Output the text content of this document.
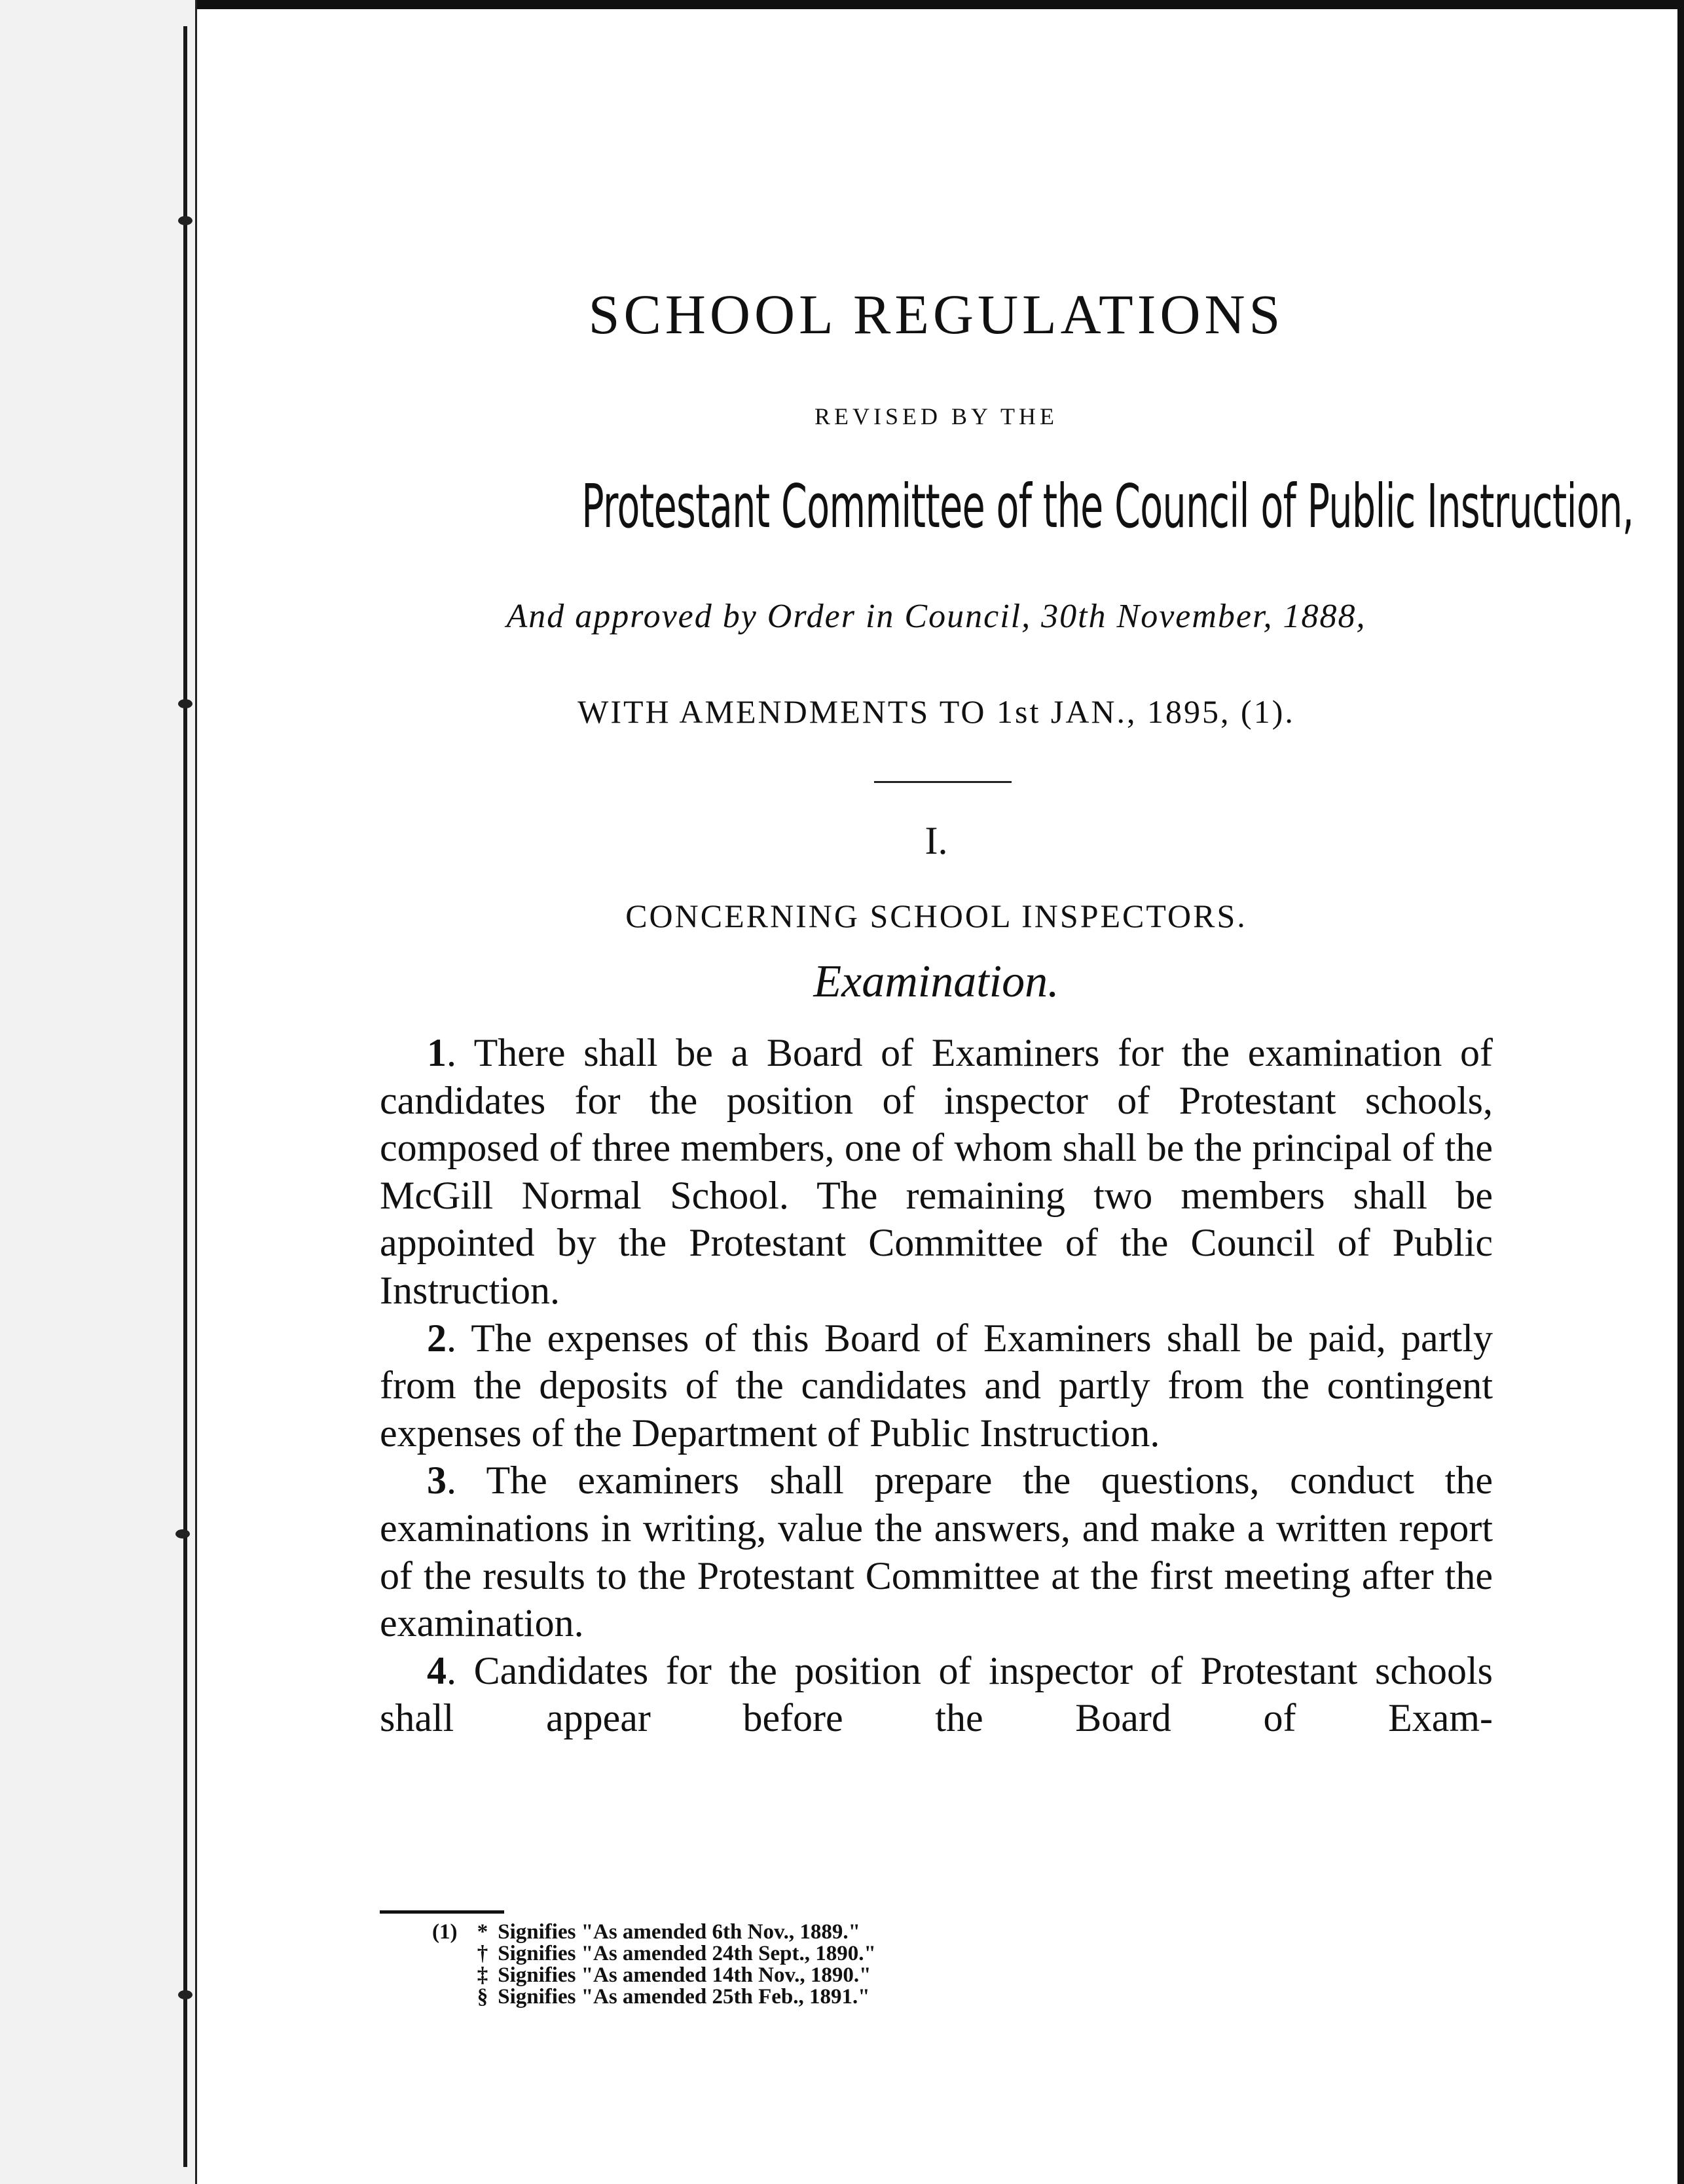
SCHOOL REGULATIONS
REVISED BY THE
Protestant Committee of the Council of Public Instruction,
And approved by Order in Council, 30th November, 1888,
WITH AMENDMENTS TO 1st JAN., 1895, (1).
I.
CONCERNING SCHOOL INSPECTORS.
Examination.

1. There shall be a Board of Examiners for the examination of candidates for the position of inspector of Protestant schools, composed of three members, one of whom shall be the principal of the McGill Normal School. The remaining two members shall be appointed by the Protestant Committee of the Council of Public Instruction.

2. The expenses of this Board of Examiners shall be paid, partly from the deposits of the candidates and partly from the contingent expenses of the Department of Public Instruction.

3. The examiners shall prepare the questions, conduct the examinations in writing, value the answers, and make a written report of the results to the Protestant Committee at the first meeting after the examination.

4. Candidates for the position of inspector of Protestant schools shall appear before the Board of Exam-

(1) * Signifies "As amended 6th Nov., 1889."
† Signifies "As amended 24th Sept., 1890."
‡ Signifies "As amended 14th Nov., 1890."
§ Signifies "As amended 25th Feb., 1891."
